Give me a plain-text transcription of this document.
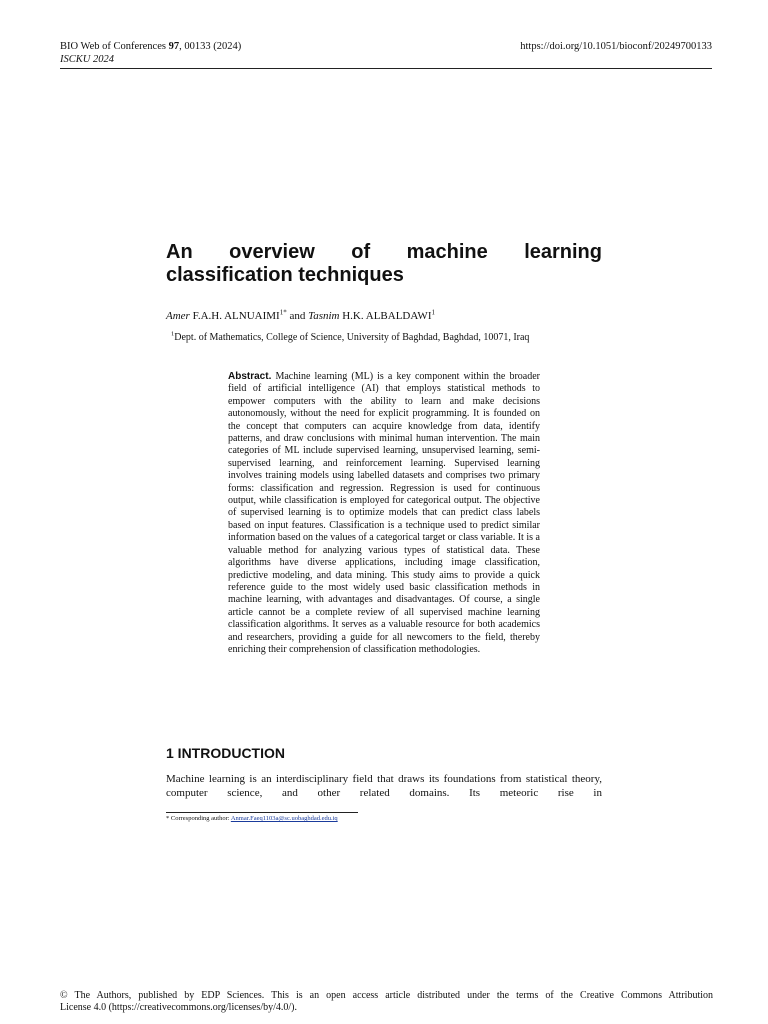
BIO Web of Conferences 97, 00133 (2024)
ISCKU 2024
https://doi.org/10.1051/bioconf/20249700133
An overview of machine learning
classification techniques
Amer F.A.H. $ALNUAIMI^{1*}$ and Tasnim H.K. ALBALDAWI$^1$
$^1$Dept. of Mathematics, College of Science, University of Baghdad, Baghdad, 10071, Iraq
Abstract. Machine learning (ML) is a key component within the broader field of artificial intelligence (AI) that employs statistical methods to empower computers with the ability to learn and make decisions autonomously, without the need for explicit programming. It is founded on the concept that computers can acquire knowledge from data, identify patterns, and draw conclusions with minimal human intervention. The main categories of ML include supervised learning, unsupervised learning, semi-supervised learning, and reinforcement learning. Supervised learning involves training models using labelled datasets and comprises two primary forms: classification and regression. Regression is used for continuous output, while classification is employed for categorical output. The objective of supervised learning is to optimize models that can predict class labels based on input features. Classification is a technique used to predict similar information based on the values of a categorical target or class variable. It is a valuable method for analyzing various types of statistical data. These algorithms have diverse applications, including image classification, predictive modeling, and data mining. This study aims to provide a quick reference guide to the most widely used basic classification methods in machine learning, with advantages and disadvantages. Of course, a single article cannot be a complete review of all supervised machine learning classification algorithms. It serves as a valuable resource for both academics and researchers, providing a guide for all newcomers to the field, thereby enriching their comprehension of classification methodologies.
1 INTRODUCTION
Machine learning is an interdisciplinary field that draws its foundations from statistical theory, computer science, and other related domains. Its meteoric rise in
* Corresponding author: Anmar.Faeq1103a@sc.uobaghdad.edu.iq
© The Authors, published by EDP Sciences. This is an open access article distributed under the terms of the Creative Commons Attribution
License 4.0 (https://creativecommons.org/licenses/by/4.0/).
